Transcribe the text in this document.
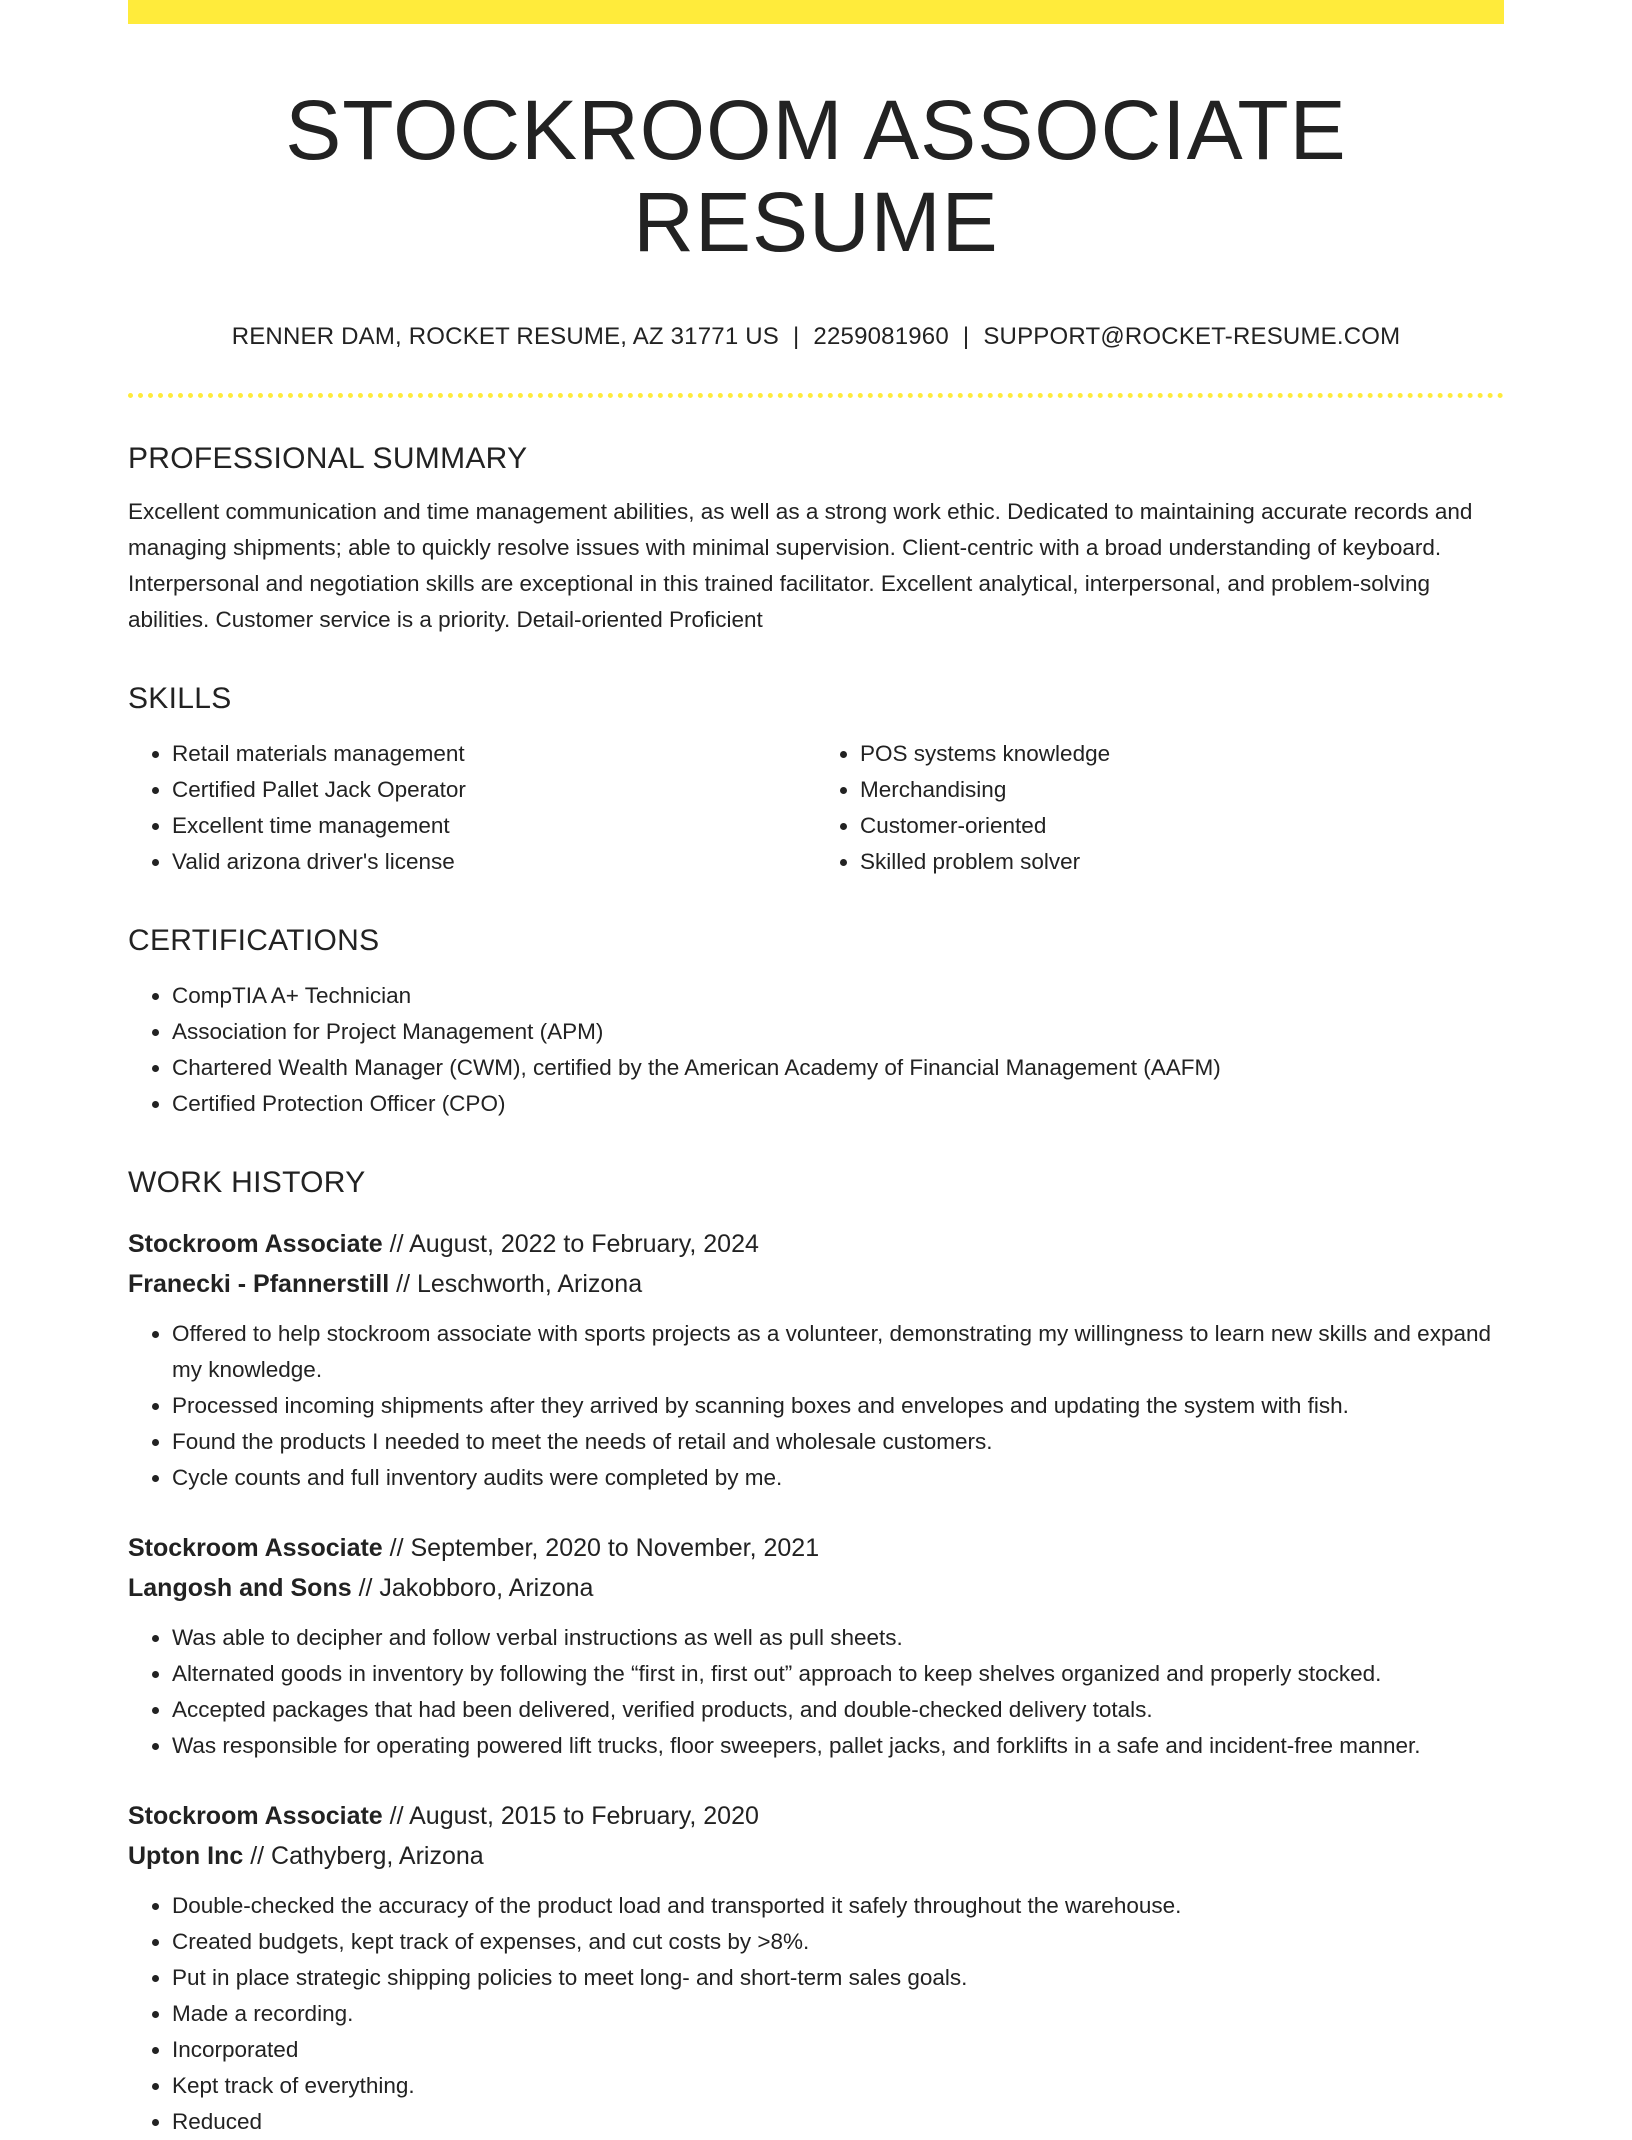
STOCKROOM ASSOCIATE RESUME
RENNER DAM, ROCKET RESUME, AZ 31771 US | 2259081960 | SUPPORT@ROCKET-RESUME.COM
PROFESSIONAL SUMMARY
Excellent communication and time management abilities, as well as a strong work ethic. Dedicated to maintaining accurate records and managing shipments; able to quickly resolve issues with minimal supervision. Client-centric with a broad understanding of keyboard. Interpersonal and negotiation skills are exceptional in this trained facilitator. Excellent analytical, interpersonal, and problem-solving abilities. Customer service is a priority. Detail-oriented Proficient
SKILLS
• Retail materials management
• Certified Pallet Jack Operator
• Excellent time management
• Valid arizona driver's license
• POS systems knowledge
• Merchandising
• Customer-oriented
• Skilled problem solver
CERTIFICATIONS
• CompTIA A+ Technician
• Association for Project Management (APM)
• Chartered Wealth Manager (CWM), certified by the American Academy of Financial Management (AAFM)
• Certified Protection Officer (CPO)
WORK HISTORY
Stockroom Associate // August, 2022 to February, 2024
Franecki - Pfannerstill // Leschworth, Arizona
• Offered to help stockroom associate with sports projects as a volunteer, demonstrating my willingness to learn new skills and expand my knowledge.
• Processed incoming shipments after they arrived by scanning boxes and envelopes and updating the system with fish.
• Found the products I needed to meet the needs of retail and wholesale customers.
• Cycle counts and full inventory audits were completed by me.
Stockroom Associate // September, 2020 to November, 2021
Langosh and Sons // Jakobboro, Arizona
• Was able to decipher and follow verbal instructions as well as pull sheets.
• Alternated goods in inventory by following the “first in, first out” approach to keep shelves organized and properly stocked.
• Accepted packages that had been delivered, verified products, and double-checked delivery totals.
• Was responsible for operating powered lift trucks, floor sweepers, pallet jacks, and forklifts in a safe and incident-free manner.
Stockroom Associate // August, 2015 to February, 2020
Upton Inc // Cathyberg, Arizona
• Double-checked the accuracy of the product load and transported it safely throughout the warehouse.
• Created budgets, kept track of expenses, and cut costs by >8%.
• Put in place strategic shipping policies to meet long- and short-term sales goals.
• Made a recording.
• Incorporated
• Kept track of everything.
• Reduced
